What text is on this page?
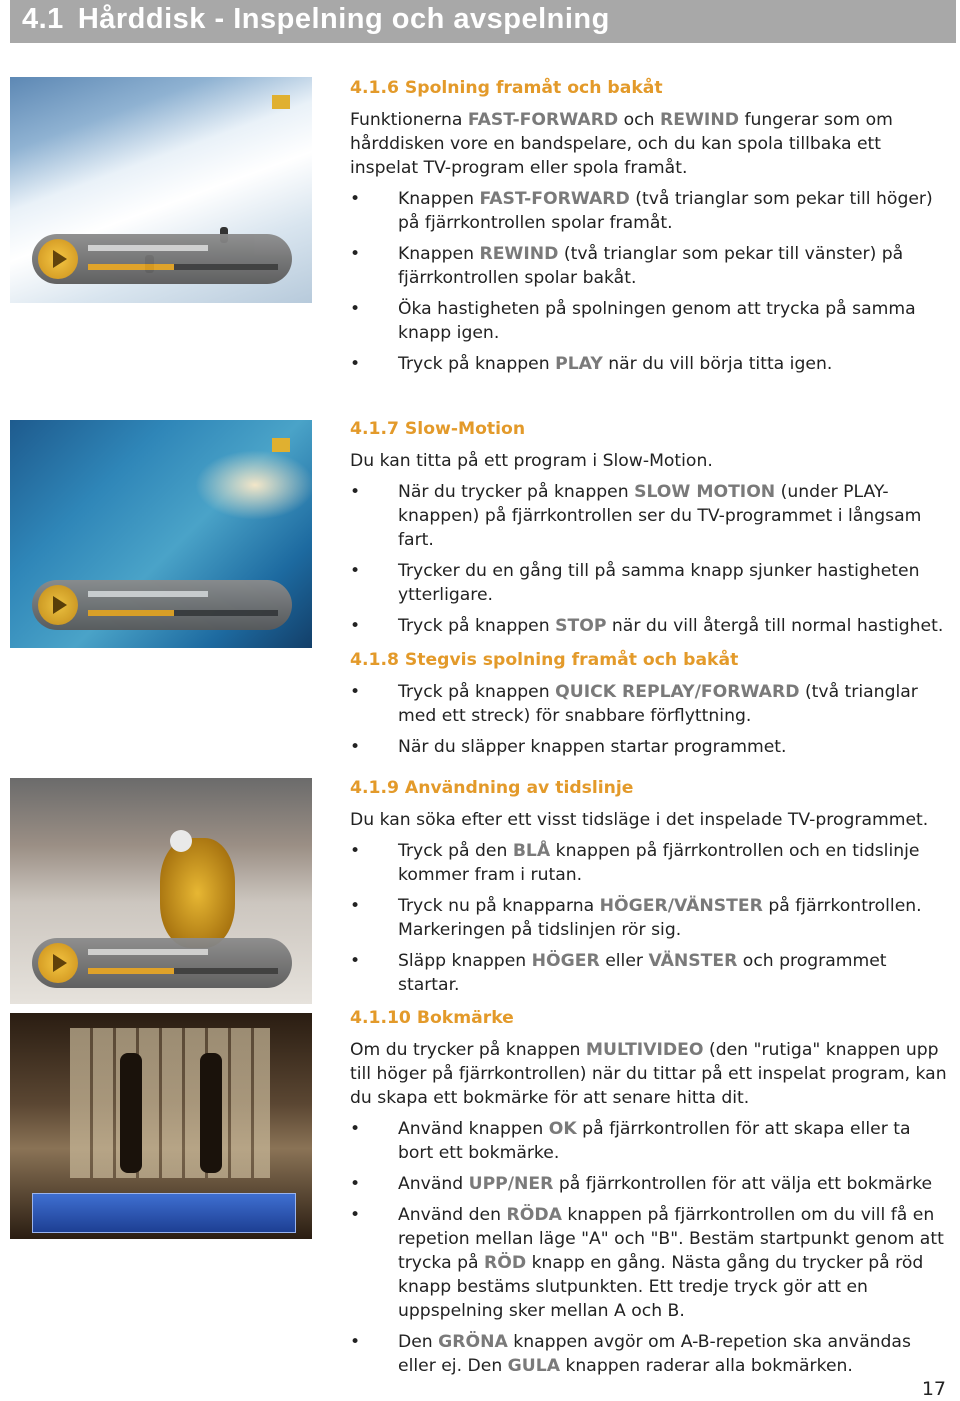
4.1 Hårddisk - Inspelning och avspelning
4.1.6 Spolning framåt och bakåt
Funktionerna FAST-FORWARD och REWIND fungerar som om hårddisken vore en bandspelare, och du kan spola tillbaka ett inspelat TV-program eller spola framåt.
• Knappen FAST-FORWARD (två trianglar som pekar till höger) på fjärrkontrollen spolar framåt.
• Knappen REWIND (två trianglar som pekar till vänster) på fjärrkontrollen spolar bakåt.
• Öka hastigheten på spolningen genom att trycka på samma knapp igen.
• Tryck på knappen PLAY när du vill börja titta igen.
4.1.7 Slow-Motion
Du kan titta på ett program i Slow-Motion.
• När du trycker på knappen SLOW MOTION (under PLAY-knappen) på fjärrkontrollen ser du TV-programmet i långsam fart.
• Trycker du en gång till på samma knapp sjunker hastigheten ytterligare.
• Tryck på knappen STOP när du vill återgå till normal hastighet.
4.1.8 Stegvis spolning framåt och bakåt
• Tryck på knappen QUICK REPLAY/FORWARD (två trianglar med ett streck) för snabbare förflyttning.
• När du släpper knappen startar programmet.
4.1.9 Användning av tidslinje
Du kan söka efter ett visst tidsläge i det inspelade TV-programmet.
• Tryck på den BLÅ knappen på fjärrkontrollen och en tidslinje kommer fram i rutan.
• Tryck nu på knapparna HÖGER/VÄNSTER på fjärrkontrollen. Markeringen på tidslinjen rör sig.
• Släpp knappen HÖGER eller VÄNSTER och programmet startar.
4.1.10 Bokmärke
Om du trycker på knappen MULTIVIDEO (den "rutiga" knappen upp till höger på fjärrkontrollen) när du tittar på ett inspelat program, kan du skapa ett bokmärke för att senare hitta dit.
• Använd knappen OK på fjärrkontrollen för att skapa eller ta bort ett bokmärke.
• Använd UPP/NER på fjärrkontrollen för att välja ett bokmärke
• Använd den RÖDA knappen på fjärrkontrollen om du vill få en repetion mellan läge "A" och "B". Bestäm startpunkt genom att trycka på RÖD knapp en gång. Nästa gång du trycker på röd knapp bestäms slutpunkten. Ett tredje tryck gör att en uppspelning sker mellan A och B.
• Den GRÖNA knappen avgör om A-B-repetion ska användas eller ej. Den GULA knappen raderar alla bokmärken.
17
